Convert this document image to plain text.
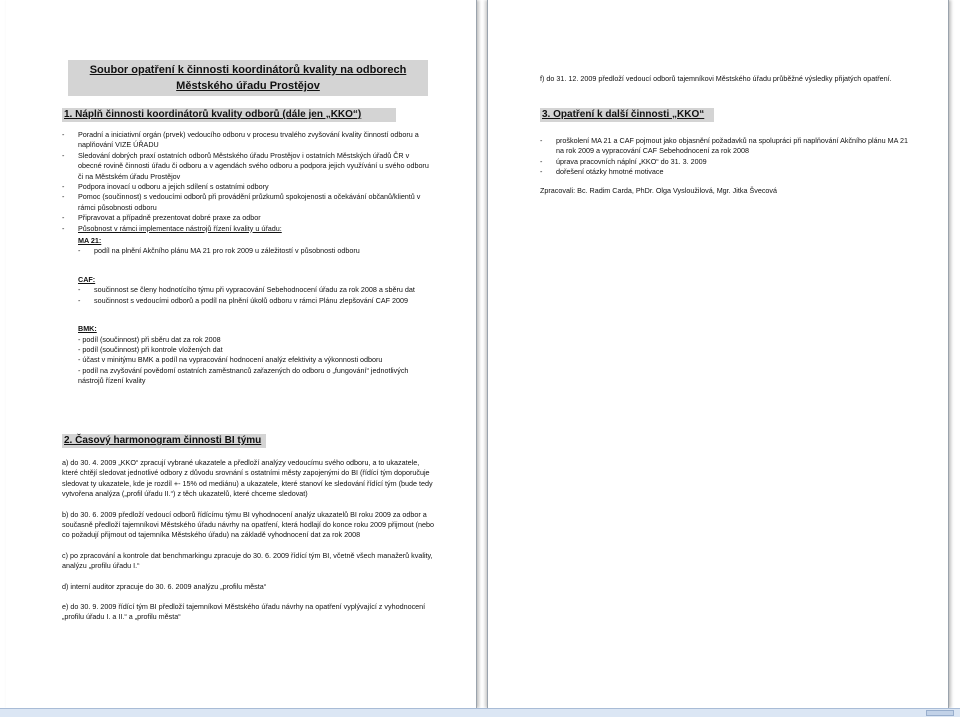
Soubor opatření k činnosti koordinátorů kvality na odborech
Městského úřadu Prostějov
1. Náplň činnosti koordinátorů kvality odborů (dále jen „KKO“)
-	Poradní a iniciativní orgán (prvek) vedoucího odboru v procesu trvalého zvyšování kvality činností odboru a naplňování VIZE ÚŘADU
-	Sledování dobrých praxí ostatních odborů Městského úřadu Prostějov i ostatních Městských úřadů ČR v obecné rovině činnosti úřadu či odboru a v agendách svého odboru a podpora jejich využívání u svého odboru či na Městském úřadu Prostějov
-	Podpora inovací u odboru a jejich sdílení s ostatními odbory
-	Pomoc (součinnost) s vedoucími odborů při provádění průzkumů spokojenosti a očekávání občanů/klientů v rámci působnosti odboru
-	Připravovat a případně prezentovat dobré praxe za odbor
-	Působnost v rámci implementace nástrojů řízení kvality u úřadu:
MA 21:
-	podíl na plnění Akčního plánu MA 21 pro rok 2009 u záležitostí v působnosti odboru
CAF:
-	součinnost se členy hodnotícího týmu při vypracování Sebehodnocení úřadu za rok 2008 a sběru dat
-	součinnost s vedoucími odborů a podíl na plnění úkolů odboru v rámci Plánu zlepšování CAF 2009
BMK:
- podíl (součinnost) při sběru dat za rok 2008
- podíl (součinnost) při kontrole vložených dat
- účast v minitýmu BMK a podíl na vypracování hodnocení analýz efektivity a výkonnosti odboru
- podíl na zvyšování povědomí ostatních zaměstnanců zařazených do odboru o „fungování“ jednotlivých nástrojů řízení kvality
2. Časový harmonogram činnosti BI týmu
a) do 30. 4. 2009 „KKO“ zpracují vybrané ukazatele a předloží analýzy vedoucímu svého odboru, a to ukazatele, které chtějí sledovat jednotlivé odbory z důvodu srovnání s ostatními městy zapojenými do BI (řídící tým doporučuje sledovat ty ukazatele, kde je rozdíl +- 15% od mediánu) a ukazatele, které stanoví ke sledování řídící tým (bude tedy vytvořena analýza („profil úřadu II.“) z těch ukazatelů, které chceme sledovat)
b) do 30. 6. 2009 předloží vedoucí odborů řídícímu týmu BI vyhodnocení analýz ukazatelů BI roku 2009 za odbor a současně předloží tajemníkovi Městského úřadu návrhy na opatření, která hodlají do konce roku 2009 přijmout (nebo co požadují přijmout od tajemníka Městského úřadu) na základě vyhodnocení dat za rok 2008
c) po zpracování a kontrole dat benchmarkingu zpracuje do 30. 6. 2009 řídící tým BI, včetně všech manažerů kvality, analýzu „profilu úřadu I.“
d) interní auditor zpracuje do 30. 6. 2009 analýzu „profilu města“
e) do 30. 9. 2009 řídící tým BI předloží tajemníkovi Městského úřadu návrhy na opatření vyplývající z vyhodnocení „profilu úřadu I. a II.“ a „profilu města“
f) do 31. 12. 2009 předloží vedoucí odborů tajemníkovi Městského úřadu průběžné výsledky přijatých opatření.
3. Opatření k další činnosti „KKO“
-	proškolení MA 21 a CAF pojmout jako objasnění požadavků na spolupráci při naplňování Akčního plánu MA 21 na rok 2009 a vypracování CAF Sebehodnocení za rok 2008
-	úprava pracovních náplní „KKO“ do 31. 3. 2009
-	dořešení otázky hmotné motivace
Zpracovali: Bc. Radim Carda, PhDr. Olga Vysloužilová, Mgr. Jitka Švecová
